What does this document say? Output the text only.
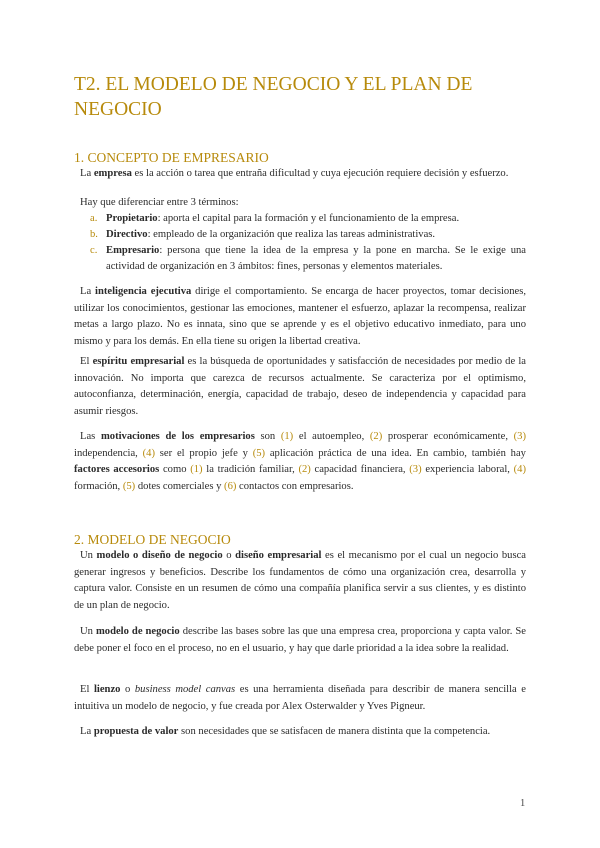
T2. EL MODELO DE NEGOCIO Y EL PLAN DE NEGOCIO
1. CONCEPTO DE EMPRESARIO

La empresa es la acción o tarea que entraña dificultad y cuya ejecución requiere decisión y esfuerzo.

Hay que diferenciar entre 3 términos:

a. Propietario: aporta el capital para la formación y el funcionamiento de la empresa.
b. Directivo: empleado de la organización que realiza las tareas administrativas.
c. Empresario: persona que tiene la idea de la empresa y la pone en marcha. Se le exige una actividad de organización en 3 ámbitos: fines, personas y elementos materiales.

La inteligencia ejecutiva dirige el comportamiento. Se encarga de hacer proyectos, tomar decisiones, utilizar los conocimientos, gestionar las emociones, mantener el esfuerzo, aplazar la recompensa, realizar metas a largo plazo. No es innata, sino que se aprende y es el objetivo educativo inmediato, para uno mismo y para los demás. En ella tiene su origen la libertad creativa.

El espíritu empresarial es la búsqueda de oportunidades y satisfacción de necesidades por medio de la innovación. No importa que carezca de recursos actualmente. Se caracteriza por el optimismo, autoconfianza, determinación, energía, capacidad de trabajo, deseo de independencia y capacidad para asumir riesgos.

Las motivaciones de los empresarios son (1) el autoempleo, (2) prosperar económicamente, (3) independencia, (4) ser el propio jefe y (5) aplicación práctica de una idea. En cambio, también hay factores accesorios como (1) la tradición familiar, (2) capacidad financiera, (3) experiencia laboral, (4) formación, (5) dotes comerciales y (6) contactos con empresarios.

2. MODELO DE NEGOCIO

Un modelo o diseño de negocio o diseño empresarial es el mecanismo por el cual un negocio busca generar ingresos y beneficios. Describe los fundamentos de cómo una organización crea, desarrolla y captura valor. Consiste en un resumen de cómo una compañía planifica servir a sus clientes, y es distinto de un plan de negocio.

Un modelo de negocio describe las bases sobre las que una empresa crea, proporciona y capta valor. Se debe poner el foco en el proceso, no en el usuario, y hay que darle prioridad a la idea sobre la realidad.

El lienzo o business model canvas es una herramienta diseñada para describir de manera sencilla e intuitiva un modelo de negocio, y fue creada por Alex Osterwalder y Yves Pigneur.

La propuesta de valor son necesidades que se satisfacen de manera distinta que la competencia.

1
